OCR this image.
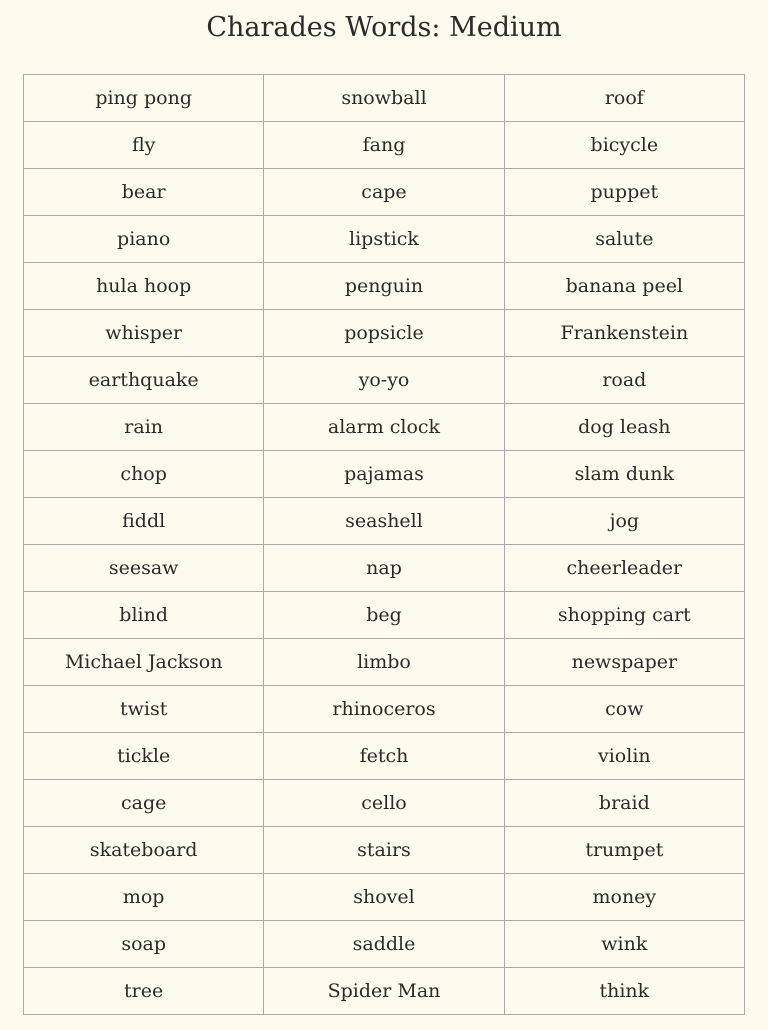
Charades Words: Medium
ping pong	snowball	roof
fly	fang	bicycle
bear	cape	puppet
piano	lipstick	salute
hula hoop	penguin	banana peel
whisper	popsicle	Frankenstein
earthquake	yo-yo	road
rain	alarm clock	dog leash
chop	pajamas	slam dunk
fiddl	seashell	jog
seesaw	nap	cheerleader
blind	beg	shopping cart
Michael Jackson	limbo	newspaper
twist	rhinoceros	cow
tickle	fetch	violin
cage	cello	braid
skateboard	stairs	trumpet
mop	shovel	money
soap	saddle	wink
tree	Spider Man	think
